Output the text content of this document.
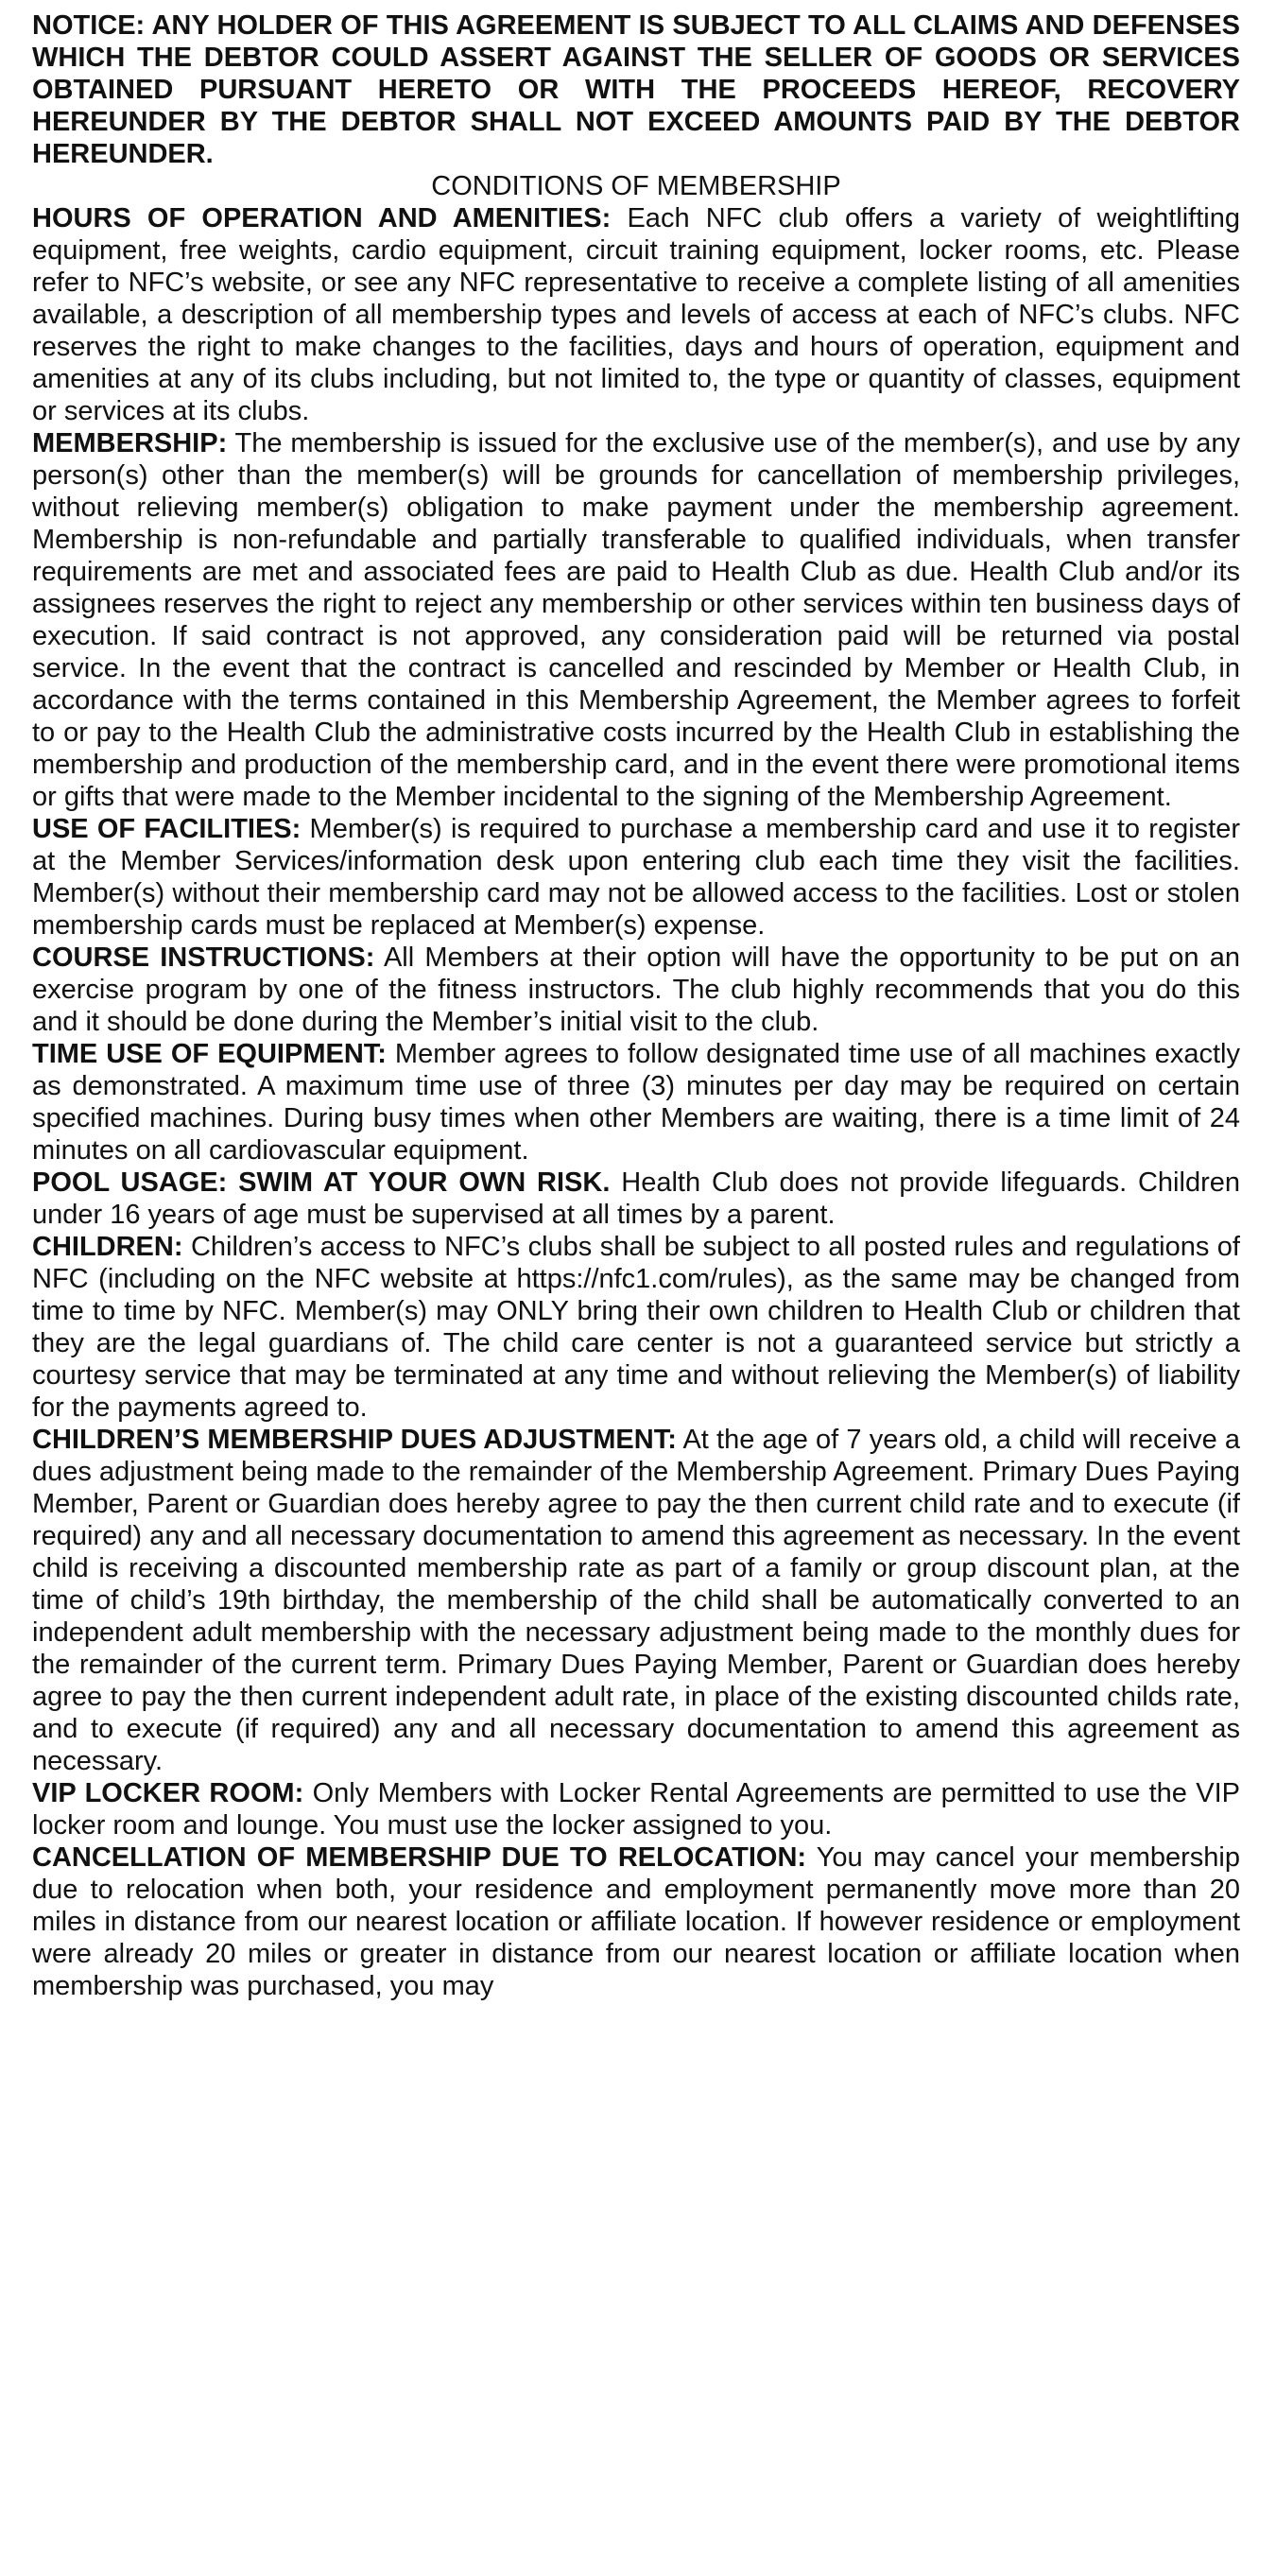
NOTICE: ANY HOLDER OF THIS AGREEMENT IS SUBJECT TO ALL CLAIMS AND DEFENSES WHICH THE DEBTOR COULD ASSERT AGAINST THE SELLER OF GOODS OR SERVICES OBTAINED PURSUANT HERETO OR WITH THE PROCEEDS HEREOF, RECOVERY HEREUNDER BY THE DEBTOR SHALL NOT EXCEED AMOUNTS PAID BY THE DEBTOR HEREUNDER.

CONDITIONS OF MEMBERSHIP

HOURS OF OPERATION AND AMENITIES: Each NFC club offers a variety of weightlifting equipment, free weights, cardio equipment, circuit training equipment, locker rooms, etc. Please refer to NFC’s website, or see any NFC representative to receive a complete listing of all amenities available, a description of all membership types and levels of access at each of NFC’s clubs. NFC reserves the right to make changes to the facilities, days and hours of operation, equipment and amenities at any of its clubs including, but not limited to, the type or quantity of classes, equipment or services at its clubs.

MEMBERSHIP: The membership is issued for the exclusive use of the member(s), and use by any person(s) other than the member(s) will be grounds for cancellation of membership privileges, without relieving member(s) obligation to make payment under the membership agreement. Membership is non-refundable and partially transferable to qualified individuals, when transfer requirements are met and associated fees are paid to Health Club as due. Health Club and/or its assignees reserves the right to reject any membership or other services within ten business days of execution. If said contract is not approved, any consideration paid will be returned via postal service. In the event that the contract is cancelled and rescinded by Member or Health Club, in accordance with the terms contained in this Membership Agreement, the Member agrees to forfeit to or pay to the Health Club the administrative costs incurred by the Health Club in establishing the membership and production of the membership card, and in the event there were promotional items or gifts that were made to the Member incidental to the signing of the Membership Agreement.

USE OF FACILITIES: Member(s) is required to purchase a membership card and use it to register at the Member Services/information desk upon entering club each time they visit the facilities. Member(s) without their membership card may not be allowed access to the facilities. Lost or stolen membership cards must be replaced at Member(s) expense.

COURSE INSTRUCTIONS: All Members at their option will have the opportunity to be put on an exercise program by one of the fitness instructors. The club highly recommends that you do this and it should be done during the Member’s initial visit to the club.

TIME USE OF EQUIPMENT: Member agrees to follow designated time use of all machines exactly as demonstrated. A maximum time use of three (3) minutes per day may be required on certain specified machines. During busy times when other Members are waiting, there is a time limit of 24 minutes on all cardiovascular equipment.

POOL USAGE: SWIM AT YOUR OWN RISK. Health Club does not provide lifeguards. Children under 16 years of age must be supervised at all times by a parent.

CHILDREN: Children’s access to NFC’s clubs shall be subject to all posted rules and regulations of NFC (including on the NFC website at https://nfc1.com/rules), as the same may be changed from time to time by NFC. Member(s) may ONLY bring their own children to Health Club or children that they are the legal guardians of. The child care center is not a guaranteed service but strictly a courtesy service that may be terminated at any time and without relieving the Member(s) of liability for the payments agreed to.

CHILDREN’S MEMBERSHIP DUES ADJUSTMENT: At the age of 7 years old, a child will receive a dues adjustment being made to the remainder of the Membership Agreement. Primary Dues Paying Member, Parent or Guardian does hereby agree to pay the then current child rate and to execute (if required) any and all necessary documentation to amend this agreement as necessary. In the event child is receiving a discounted membership rate as part of a family or group discount plan, at the time of child’s 19th birthday, the membership of the child shall be automatically converted to an independent adult membership with the necessary adjustment being made to the monthly dues for the remainder of the current term. Primary Dues Paying Member, Parent or Guardian does hereby agree to pay the then current independent adult rate, in place of the existing discounted childs rate, and to execute (if required) any and all necessary documentation to amend this agreement as necessary.

VIP LOCKER ROOM: Only Members with Locker Rental Agreements are permitted to use the VIP locker room and lounge. You must use the locker assigned to you.

CANCELLATION OF MEMBERSHIP DUE TO RELOCATION: You may cancel your membership due to relocation when both, your residence and employment permanently move more than 20 miles in distance from our nearest location or affiliate location. If however residence or employment were already 20 miles or greater in distance from our nearest location or affiliate location when membership was purchased, you may
